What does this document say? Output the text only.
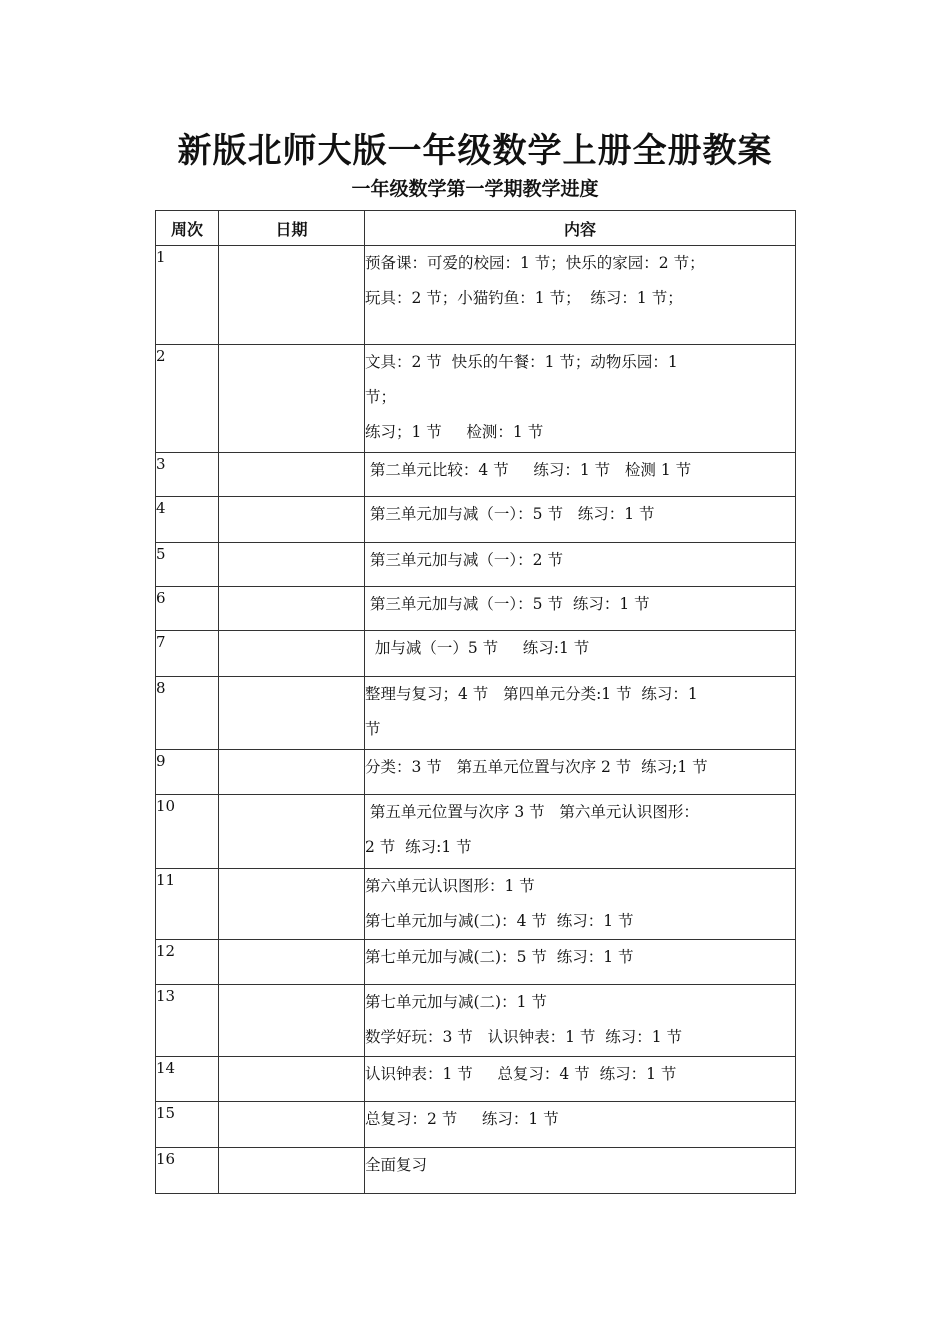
新版北师大版一年级数学上册全册教案
一年级数学第一学期教学进度
周次	日期	内容
1		预备课：可爱的校园：1 节；快乐的家园：2 节；
玩具：2 节；小猫钓鱼：1 节；  练习：1 节；

2		文具：2 节  快乐的午餐：1 节；动物乐园：1
节；
练习；1 节     检测：1 节

3		第二单元比较：4 节     练习：1 节   检测 1 节

4		第三单元加与减（一）：5 节   练习：1 节

5		第三单元加与减（一）：2 节

6		第三单元加与减（一）：5 节  练习：1 节

7		加与减（一）5 节     练习:1 节

8		整理与复习；4 节   第四单元分类:1 节  练习：1
节

9		分类：3 节   第五单元位置与次序 2 节  练习;1 节

10		第五单元位置与次序 3 节   第六单元认识图形：
2 节  练习:1 节

11		第六单元认识图形：1 节
第七单元加与减(二)：4 节  练习：1 节

12		第七单元加与减(二)：5 节  练习：1 节

13		第七单元加与减(二)：1 节
数学好玩：3 节   认识钟表：1 节  练习：1 节

14		认识钟表：1 节     总复习：4 节  练习：1 节

15		总复习：2 节     练习：1 节

16		全面复习
